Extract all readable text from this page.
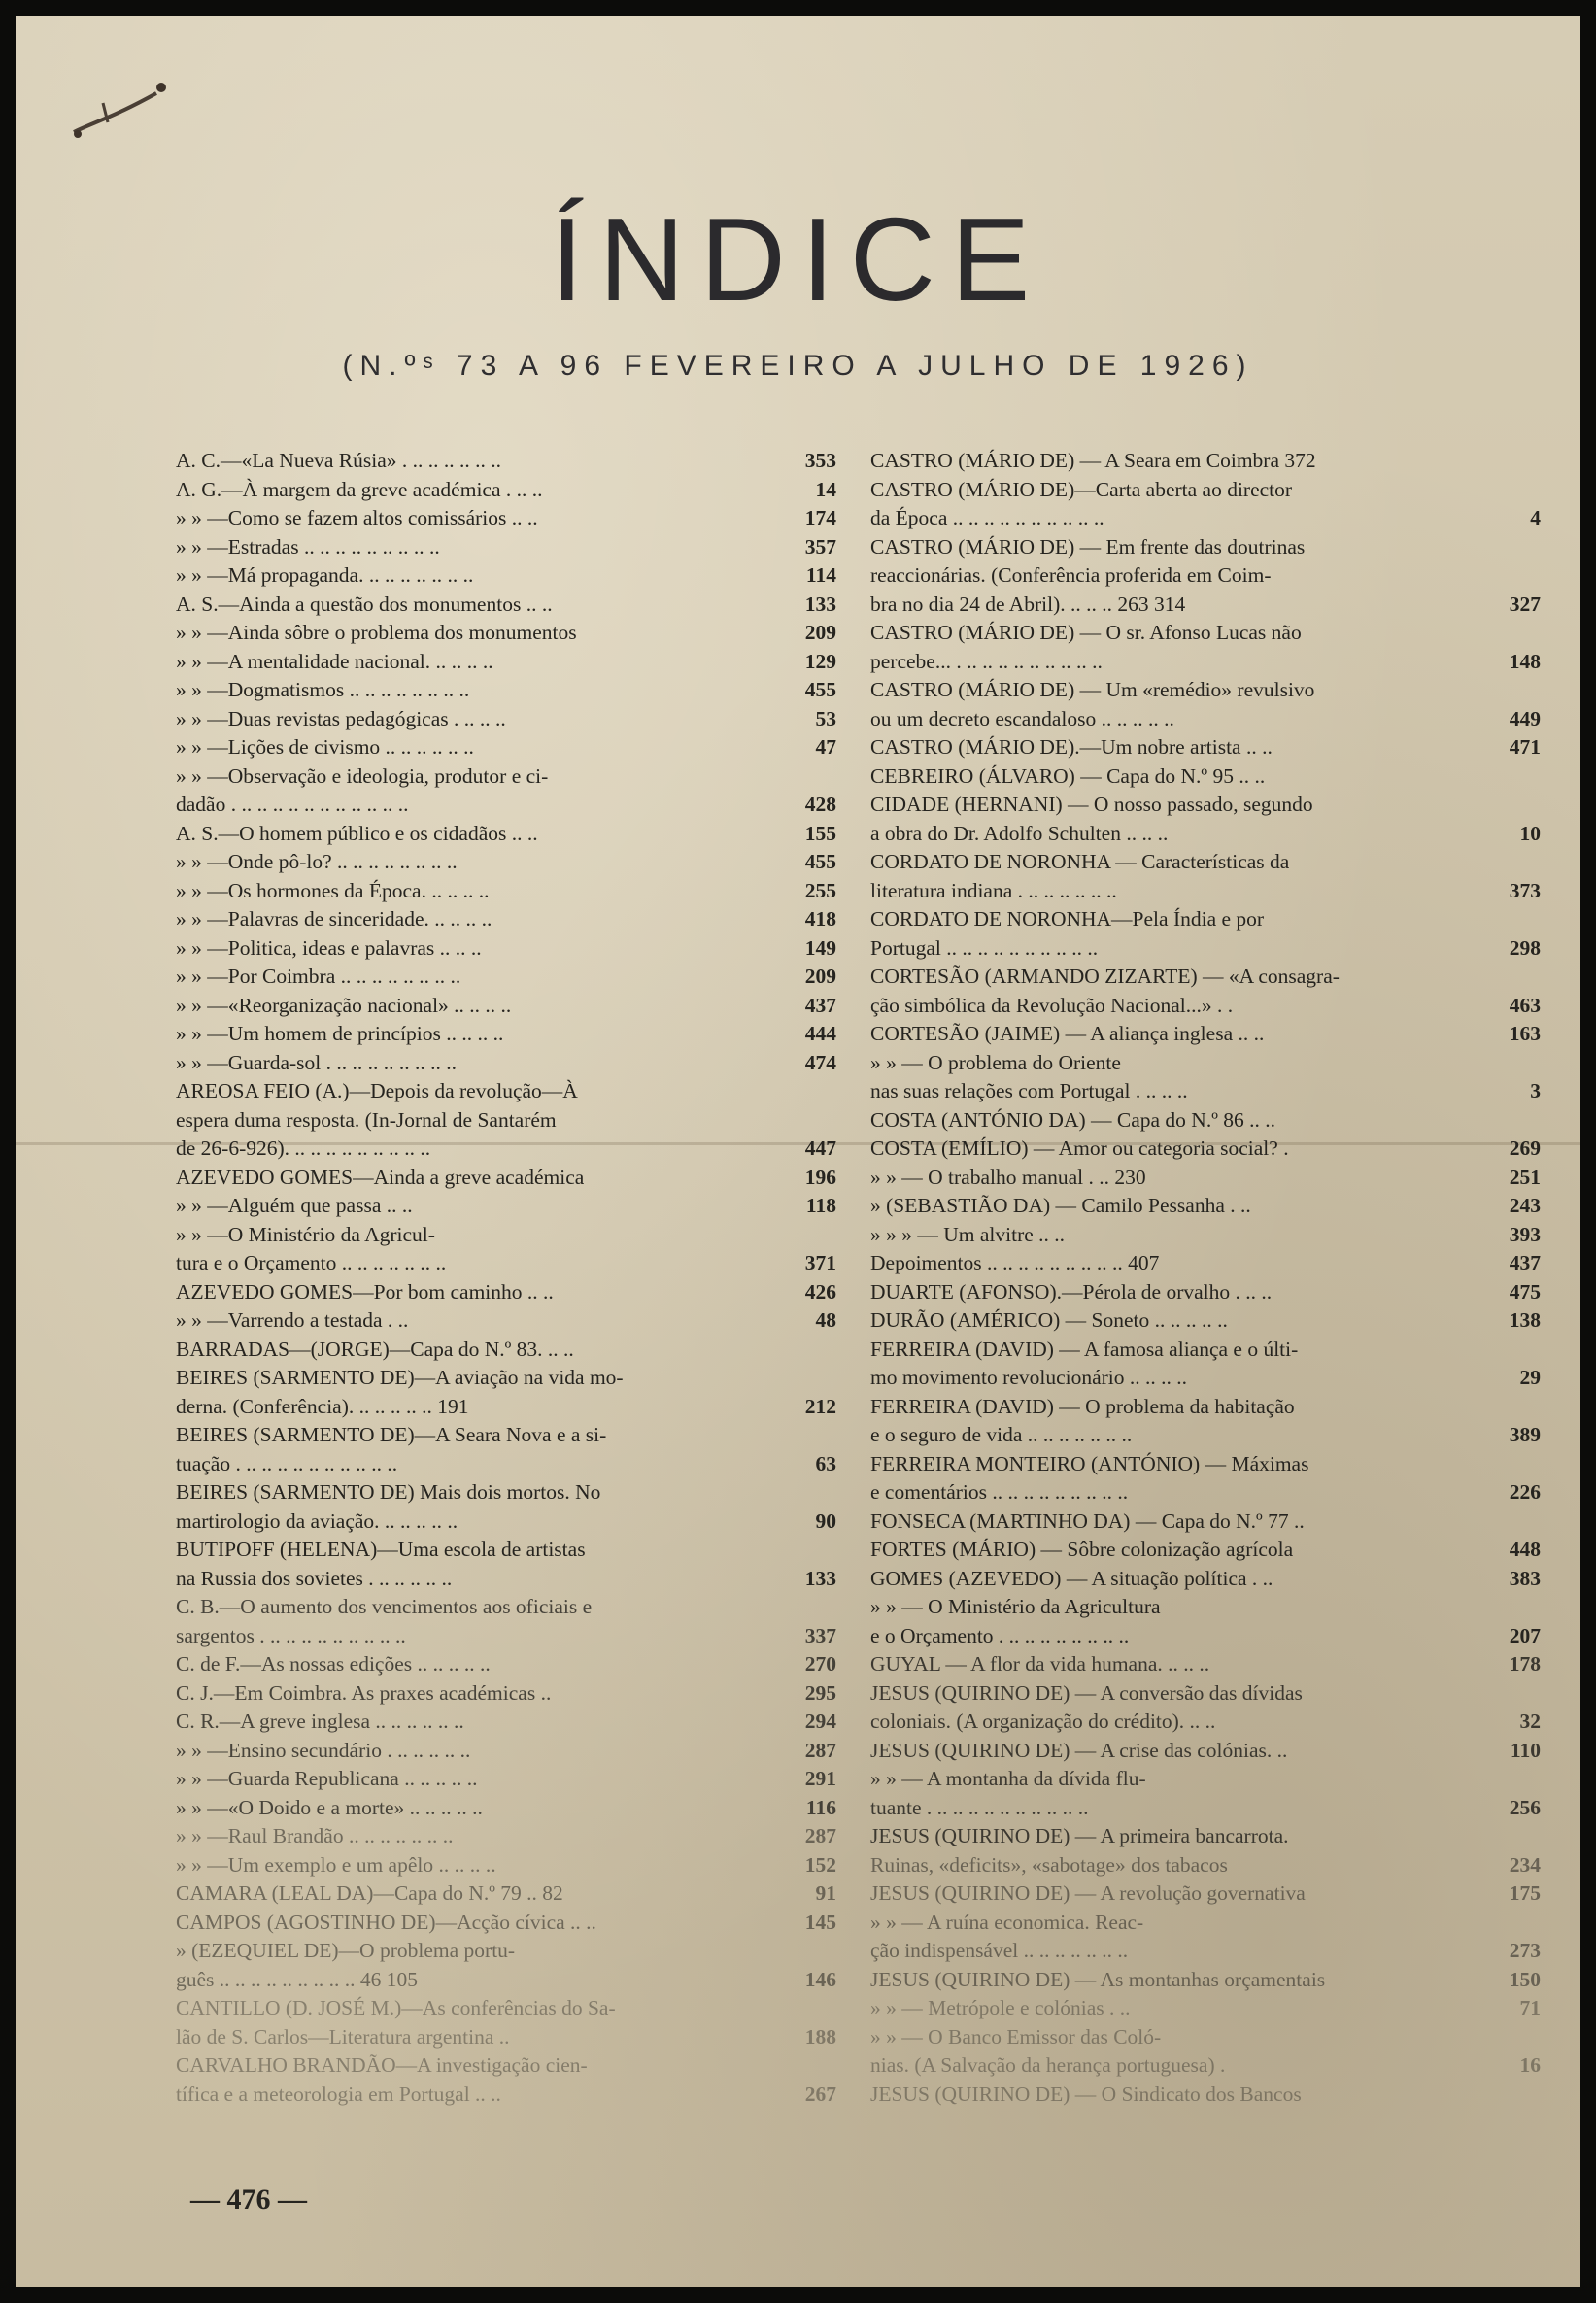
ÍNDICE
(N.ºˢ 73 A 96 FEVEREIRO A JULHO DE 1926)
A. C.—«La Nueva Rúsia» . .. .. .. .. .. ..	353
A. G.—À margem da greve académica . .. ..	14
» » —Como se fazem altos comissários .. ..	174
» » —Estradas .. .. .. .. .. .. .. .. ..	357
» » —Má propaganda. .. .. .. .. .. .. ..	114
A. S.—Ainda a questão dos monumentos .. ..	133
» » —Ainda sôbre o problema dos monumentos	209
» » —A mentalidade nacional. .. .. .. ..	129
» » —Dogmatismos .. .. .. .. .. .. .. ..	455
» » —Duas revistas pedagógicas . .. .. ..	53
» » —Lições de civismo .. .. .. .. .. ..	47
» » —Observação e ideologia, produtor e ci-
dadão . .. .. .. .. .. .. .. .. .. .. ..	428
A. S.—O homem público e os cidadãos .. ..	155
» » —Onde pô-lo? .. .. .. .. .. .. .. ..	455
» » —Os hormones da Época. .. .. .. ..	255
» » —Palavras de sinceridade. .. .. .. ..	418
» » —Politica, ideas e palavras .. .. ..	149
» » —Por Coimbra .. .. .. .. .. .. .. ..	209
» » —«Reorganização nacional» .. .. .. ..	437
» » —Um homem de princípios .. .. .. ..	444
» » —Guarda-sol . .. .. .. .. .. .. .. ..	474
AREOSA FEIO (A.)—Depois da revolução—À
espera duma resposta. (In-Jornal de Santarém
de 26-6-926). .. .. .. .. .. .. .. .. ..	447
AZEVEDO GOMES—Ainda a greve académica	196
» » —Alguém que passa .. ..	118
» » —O Ministério da Agricul-
tura e o Orçamento .. .. .. .. .. .. ..	371
AZEVEDO GOMES—Por bom caminho .. ..	426
» » —Varrendo a testada . ..	48
BARRADAS—(JORGE)—Capa do N.º 83. .. ..
BEIRES (SARMENTO DE)—A aviação na vida mo-
derna. (Conferência). .. .. .. .. .. 191	212
BEIRES (SARMENTO DE)—A Seara Nova e a si-
tuação . .. .. .. .. .. .. .. .. .. ..	63
BEIRES (SARMENTO DE) Mais dois mortos. No
martirologio da aviação. .. .. .. .. ..	90
BUTIPOFF (HELENA)—Uma escola de artistas
na Russia dos sovietes . .. .. .. .. ..	133
C. B.—O aumento dos vencimentos aos oficiais e
sargentos . .. .. .. .. .. .. .. .. ..	337
C. de F.—As nossas edições .. .. .. .. ..	270
C. J.—Em Coimbra. As praxes académicas ..	295
C. R.—A greve inglesa .. .. .. .. .. ..	294
» » —Ensino secundário . .. .. .. .. ..	287
» » —Guarda Republicana .. .. .. .. ..	291
» » —«O Doido e a morte» .. .. .. .. ..	116
» » —Raul Brandão .. .. .. .. .. .. ..	287
» » —Um exemplo e um apêlo .. .. .. ..	152
CAMARA (LEAL DA)—Capa do N.º 79 .. 82	91
CAMPOS (AGOSTINHO DE)—Acção cívica .. ..	145
» (EZEQUIEL DE)—O problema portu-
guês .. .. .. .. .. .. .. .. .. 46 105	146
CANTILLO (D. JOSÉ M.)—As conferências do Sa-
lão de S. Carlos—Literatura argentina ..	188
CARVALHO BRANDÃO—A investigação cien-
tífica e a meteorologia em Portugal .. ..	267
CASTRO (MÁRIO DE) — A Seara em Coimbra 372
CASTRO (MÁRIO DE)—Carta aberta ao director
da Época .. .. .. .. .. .. .. .. .. ..	4
CASTRO (MÁRIO DE) — Em frente das doutrinas
reaccionárias. (Conferência proferida em Coim-
bra no dia 24 de Abril). .. .. .. 263 314	327
CASTRO (MÁRIO DE) — O sr. Afonso Lucas não
percebe... . .. .. .. .. .. .. .. .. ..	148
CASTRO (MÁRIO DE) — Um «remédio» revulsivo
ou um decreto escandaloso .. .. .. .. ..	449
CASTRO (MÁRIO DE).—Um nobre artista .. ..	471
CEBREIRO (ÁLVARO) — Capa do N.º 95 .. ..
CIDADE (HERNANI) — O nosso passado, segundo
a obra do Dr. Adolfo Schulten .. .. ..	10
CORDATO DE NORONHA — Características da
literatura indiana . .. .. .. .. .. ..	373
CORDATO DE NORONHA—Pela Índia e por
Portugal .. .. .. .. .. .. .. .. .. ..	298
CORTESÃO (ARMANDO ZIZARTE) — «A consagra-
ção simbólica da Revolução Nacional...» . .	463
CORTESÃO (JAIME) — A aliança inglesa .. ..	163
» » — O problema do Oriente
nas suas relações com Portugal . .. .. ..	3
COSTA (ANTÓNIO DA) — Capa do N.º 86 .. ..
COSTA (EMÍLIO) — Amor ou categoria social? .	269
» » — O trabalho manual . .. 230	251
» (SEBASTIÃO DA) — Camilo Pessanha . ..	243
» » » — Um alvitre .. ..	393
Depoimentos .. .. .. .. .. .. .. .. .. 407	437
DUARTE (AFONSO).—Pérola de orvalho . .. ..	475
DURÃO (AMÉRICO) — Soneto .. .. .. .. ..	138
FERREIRA (DAVID) — A famosa aliança e o últi-
mo movimento revolucionário .. .. .. ..	29
FERREIRA (DAVID) — O problema da habitação
e o seguro de vida .. .. .. .. .. .. ..	389
FERREIRA MONTEIRO (ANTÓNIO) — Máximas
e comentários .. .. .. .. .. .. .. .. ..	226
FONSECA (MARTINHO DA) — Capa do N.º 77 ..
FORTES (MÁRIO) — Sôbre colonização agrícola	448
GOMES (AZEVEDO) — A situação política . ..	383
» » — O Ministério da Agricultura
e o Orçamento . .. .. .. .. .. .. .. ..	207
GUYAL — A flor da vida humana. .. .. ..	178
JESUS (QUIRINO DE) — A conversão das dívidas
coloniais. (A organização do crédito). .. ..	32
JESUS (QUIRINO DE) — A crise das colónias. ..	110
» » — A montanha da dívida flu-
tuante . .. .. .. .. .. .. .. .. .. ..	256
JESUS (QUIRINO DE) — A primeira bancarrota.
Ruinas, «deficits», «sabotage» dos tabacos	234
JESUS (QUIRINO DE) — A revolução governativa	175
» » — A ruína economica. Reac-
ção indispensável .. .. .. .. .. .. ..	273
JESUS (QUIRINO DE) — As montanhas orçamentais	150
» » — Metrópole e colónias . ..	71
» » — O Banco Emissor das Coló-
nias. (A Salvação da herança portuguesa) .	16
JESUS (QUIRINO DE) — O Sindicato dos Bancos
— 476 —
